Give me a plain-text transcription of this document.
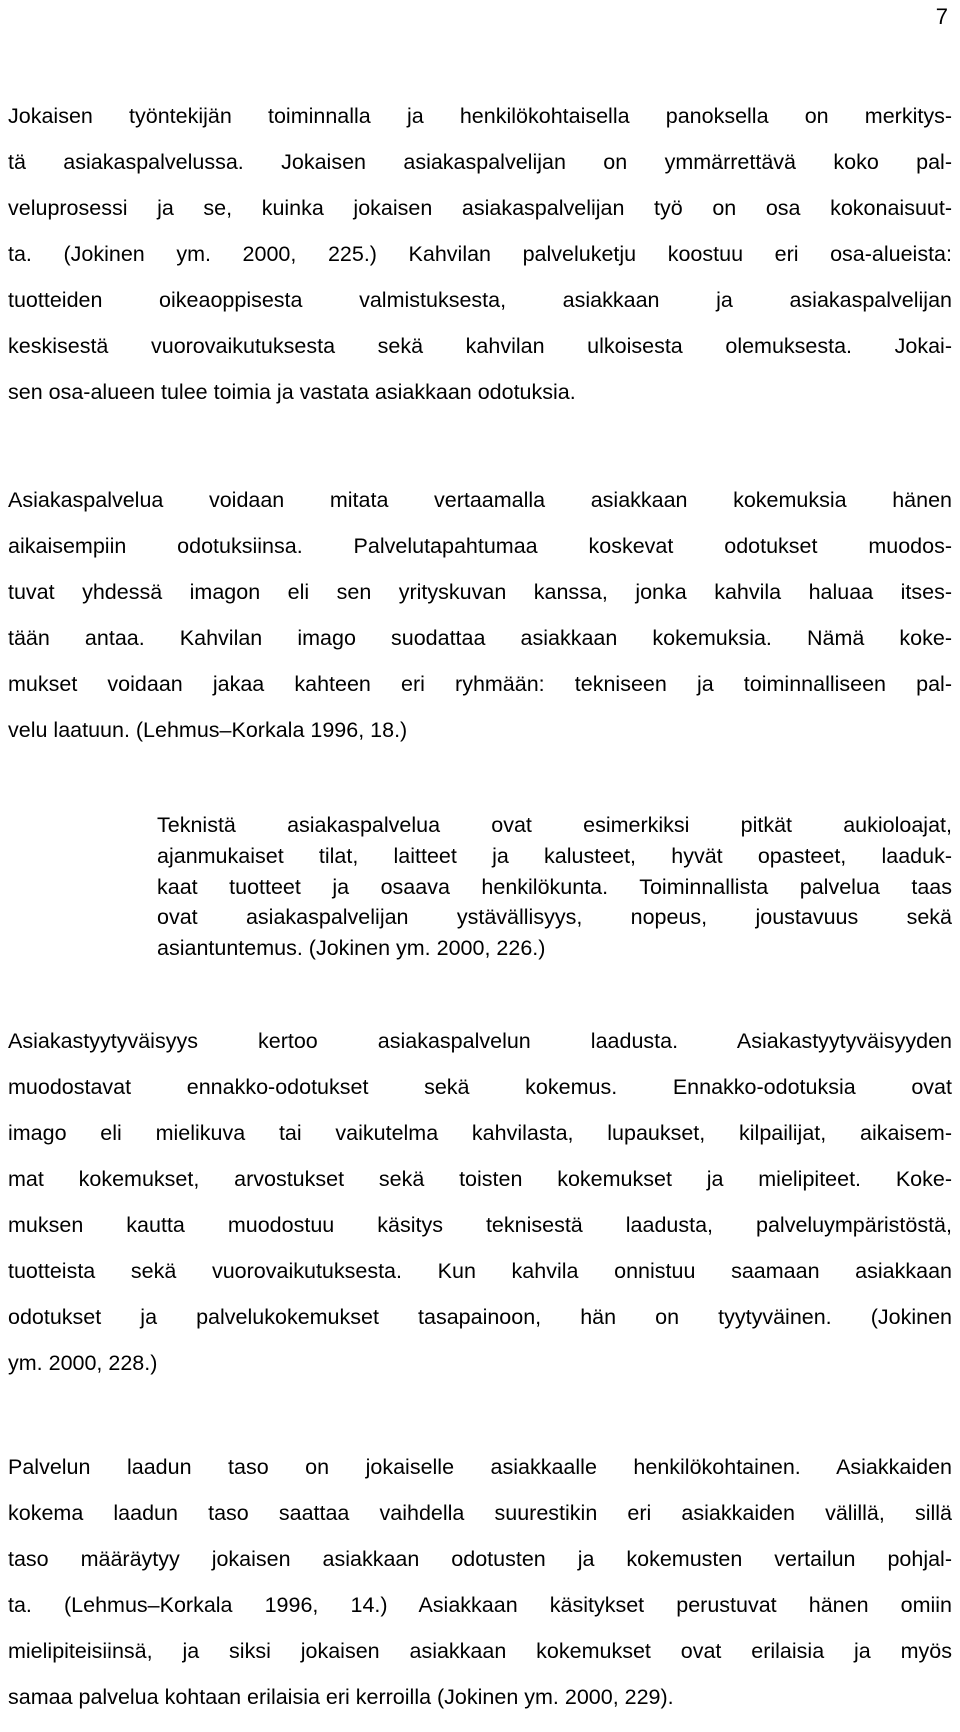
7
Jokaisen työntekijän toiminnalla ja henkilökohtaisella panoksella on merkitys-
tä asiakaspalvelussa. Jokaisen asiakaspalvelijan on ymmärrettävä koko pal-
veluprosessi ja se, kuinka jokaisen asiakaspalvelijan työ on osa kokonaisuut-
ta. (Jokinen ym. 2000, 225.) Kahvilan palveluketju koostuu eri osa-alueista:
tuotteiden oikeaoppisesta valmistuksesta, asiakkaan ja asiakaspalvelijan
keskisestä vuorovaikutuksesta sekä kahvilan ulkoisesta olemuksesta. Jokai-
sen osa-alueen tulee toimia ja vastata asiakkaan odotuksia.
Asiakaspalvelua voidaan mitata vertaamalla asiakkaan kokemuksia hänen
aikaisempiin odotuksiinsa. Palvelutapahtumaa koskevat odotukset muodos-
tuvat yhdessä imagon eli sen yrityskuvan kanssa, jonka kahvila haluaa itses-
tään antaa. Kahvilan imago suodattaa asiakkaan kokemuksia. Nämä koke-
mukset voidaan jakaa kahteen eri ryhmään: tekniseen ja toiminnalliseen pal-
velu laatuun. (Lehmus–Korkala 1996, 18.)
Teknistä asiakaspalvelua ovat esimerkiksi pitkät aukioloajat,
ajanmukaiset tilat, laitteet ja kalusteet, hyvät opasteet, laaduk-
kaat tuotteet ja osaava henkilökunta. Toiminnallista palvelua taas
ovat asiakaspalvelijan ystävällisyys, nopeus, joustavuus sekä
asiantuntemus. (Jokinen ym. 2000, 226.)
Asiakastyytyväisyys kertoo asiakaspalvelun laadusta. Asiakastyytyväisyyden
muodostavat ennakko-odotukset sekä kokemus. Ennakko-odotuksia ovat
imago eli mielikuva tai vaikutelma kahvilasta, lupaukset, kilpailijat, aikaisem-
mat kokemukset, arvostukset sekä toisten kokemukset ja mielipiteet. Koke-
muksen kautta muodostuu käsitys teknisestä laadusta, palveluympäristöstä,
tuotteista sekä vuorovaikutuksesta. Kun kahvila onnistuu saamaan asiakkaan
odotukset ja palvelukokemukset tasapainoon, hän on tyytyväinen. (Jokinen
ym. 2000, 228.)
Palvelun laadun taso on jokaiselle asiakkaalle henkilökohtainen. Asiakkaiden
kokema laadun taso saattaa vaihdella suurestikin eri asiakkaiden välillä, sillä
taso määräytyy jokaisen asiakkaan odotusten ja kokemusten vertailun pohjal-
ta. (Lehmus–Korkala 1996, 14.) Asiakkaan käsitykset perustuvat hänen omiin
mielipiteisiinsä, ja siksi jokaisen asiakkaan kokemukset ovat erilaisia ja myös
samaa palvelua kohtaan erilaisia eri kerroilla (Jokinen ym. 2000, 229).
